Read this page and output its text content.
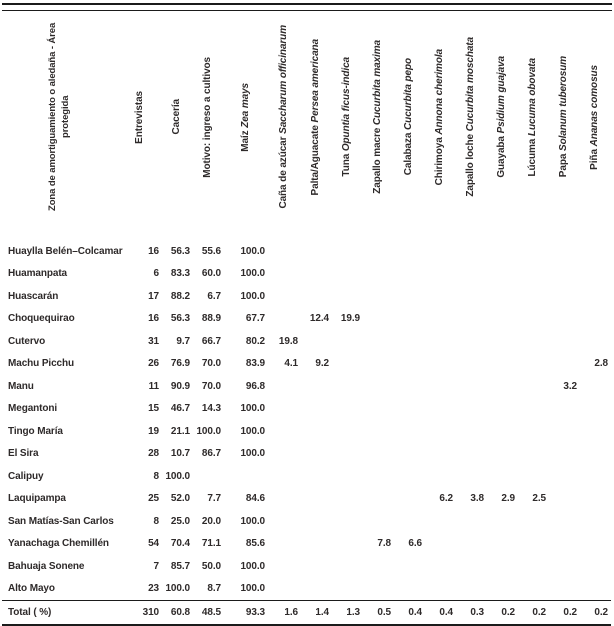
Zona de amortiguamiento o aledaña - Área protegida	Entrevistas	Cacería	Motivo: ingreso a cultivos	MaízZea mays	Caña de azúcarSaccharum officinarum	Palta/AguacatePersea americana	TunaOpuntia ficus-indica	Zapallo macreCucurbita maxima	CalabazaCucurbita pepo	ChirimoyaAnnona cherimola	Zapallo locheCucurbita moschata	GuayabaPsidium guajava	LúcumaLucuma obovata	PapaSolanum tuberosum	PiñaAnanas comosus
Huaylla Belén–Colcamar	16	56.3	55.6	100.0											
Huamanpata	6	83.3	60.0	100.0											
Huascarán	17	88.2	6.7	100.0											
Choquequirao	16	56.3	88.9	67.7		12.4	19.9								
Cutervo	31	9.7	66.7	80.2	19.8										
Machu Picchu	26	76.9	70.0	83.9	4.1	9.2									2.8
Manu	11	90.9	70.0	96.8										3.2	
Megantoni	15	46.7	14.3	100.0											
Tingo María	19	21.1	100.0	100.0											
El Sira	28	10.7	86.7	100.0											
Calipuy	8	100.0													
Laquipampa	25	52.0	7.7	84.6						6.2	3.8	2.9	2.5		
San Matías-San Carlos	8	25.0	20.0	100.0											
Yanachaga Chemillén	54	70.4	71.1	85.6				7.8	6.6						
Bahuaja Sonene	7	85.7	50.0	100.0											
Alto Mayo	23	100.0	8.7	100.0											
Total ( %)	310	60.8	48.5	93.3	1.6	1.4	1.3	0.5	0.4	0.4	0.3	0.2	0.2	0.2	0.2
